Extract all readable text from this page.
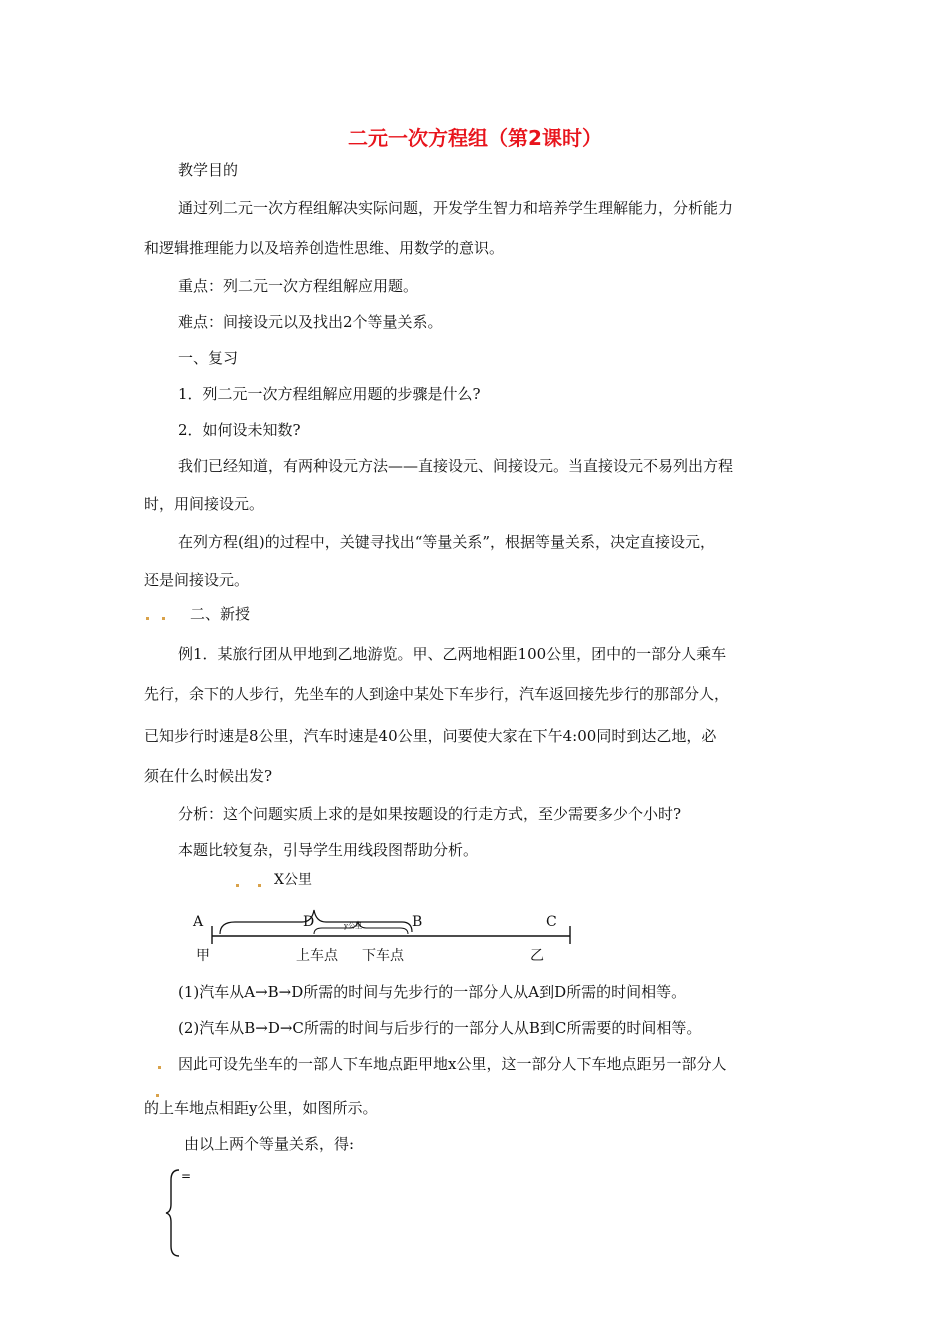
二元一次方程组（第2课时）
教学目的
通过列二元一次方程组解决实际问题，开发学生智力和培养学生理解能力，分析能力
和逻辑推理能力以及培养创造性思维、用数学的意识。
重点：列二元一次方程组解应用题。
难点：间接设元以及找出2个等量关系。
一、复习
1．列二元一次方程组解应用题的步骤是什么?
2．如何设未知数?
我们已经知道，有两种设元方法——直接设元、间接设元。当直接设元不易列出方程
时，用间接设元。
在列方程(组)的过程中，关键寻找出“等量关系”，根据等量关系，决定直接设元，
还是间接设元。
二、新授
例1．某旅行团从甲地到乙地游览。甲、乙两地相距100公里，团中的一部分人乘车
先行，余下的人步行，先坐车的人到途中某处下车步行，汽车返回接先步行的那部分人，
已知步行时速是8公里，汽车时速是40公里，问要使大家在下午4:00同时到达乙地，必
须在什么时候出发?
分析：这个问题实质上求的是如果按题设的行走方式，至少需要多少个小时?
本题比较复杂，引导学生用线段图帮助分析。
X公里
A	D	y公里	B	C
甲	上车点 下车点	乙
(1)汽车从A→B→D所需的时间与先步行的一部分人从A到D所需的时间相等。
(2)汽车从B→D→C所需的时间与后步行的一部分人从B到C所需要的时间相等。
因此可设先坐车的一部人下车地点距甲地x公里，这一部分人下车地点距另一部分人
的上车地点相距y公里，如图所示。
由以上两个等量关系，得:
=
